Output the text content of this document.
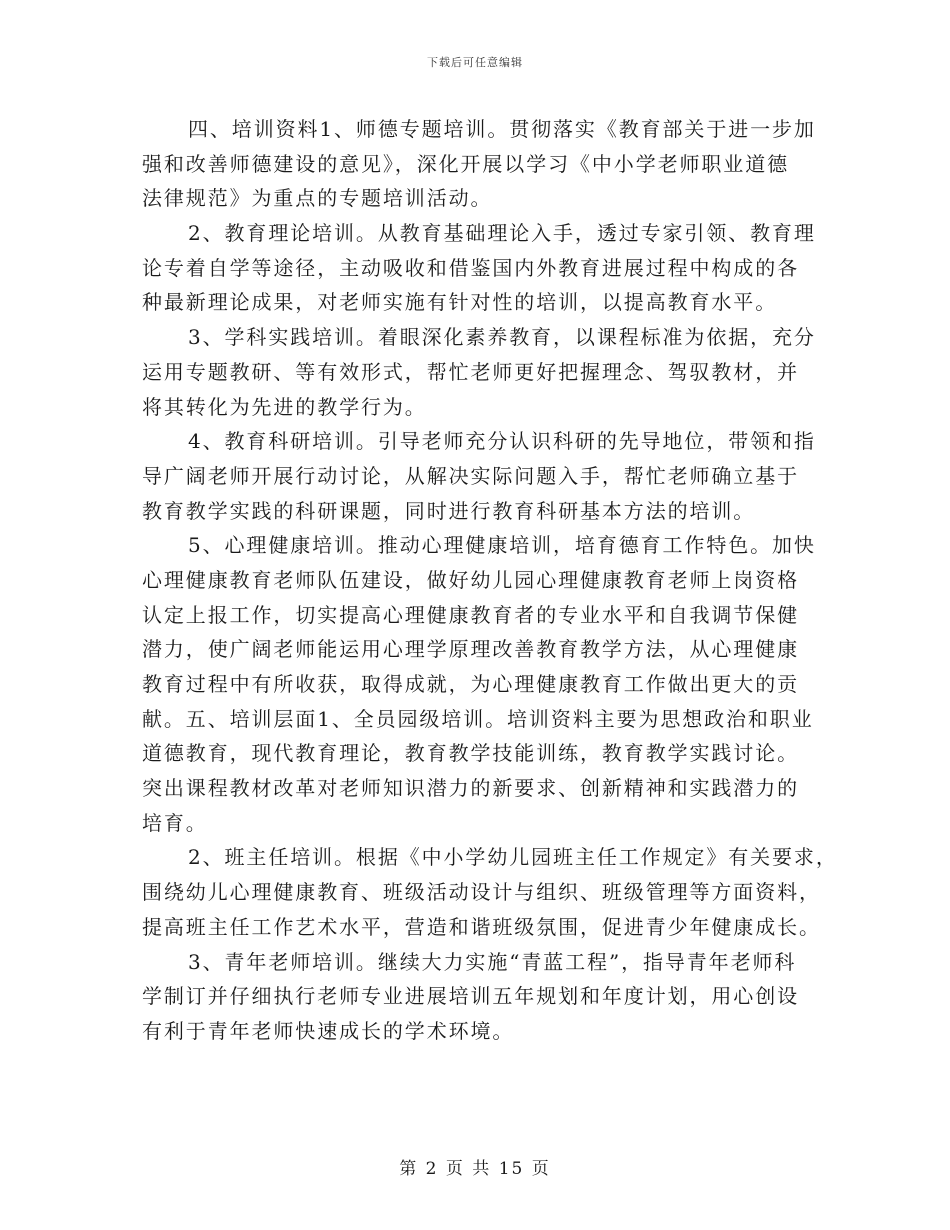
下载后可任意编辑
四、培训资料1、师德专题培训。贯彻落实《教育部关于进一步加
强和改善师德建设的意见》，深化开展以学习《中小学老师职业道德
法律规范》为重点的专题培训活动。
2、教育理论培训。从教育基础理论入手，透过专家引领、教育理
论专着自学等途径，主动吸收和借鉴国内外教育进展过程中构成的各
种最新理论成果，对老师实施有针对性的培训，以提高教育水平。
3、学科实践培训。着眼深化素养教育，以课程标准为依据，充分
运用专题教研、等有效形式，帮忙老师更好把握理念、驾驭教材，并
将其转化为先进的教学行为。
4、教育科研培训。引导老师充分认识科研的先导地位，带领和指
导广阔老师开展行动讨论，从解决实际问题入手，帮忙老师确立基于
教育教学实践的科研课题，同时进行教育科研基本方法的培训。
5、心理健康培训。推动心理健康培训，培育德育工作特色。加快
心理健康教育老师队伍建设，做好幼儿园心理健康教育老师上岗资格
认定上报工作，切实提高心理健康教育者的专业水平和自我调节保健
潜力，使广阔老师能运用心理学原理改善教育教学方法，从心理健康
教育过程中有所收获，取得成就，为心理健康教育工作做出更大的贡
献。五、培训层面1、全员园级培训。培训资料主要为思想政治和职业
道德教育，现代教育理论，教育教学技能训练，教育教学实践讨论。
突出课程教材改革对老师知识潜力的新要求、创新精神和实践潜力的
培育。
2、班主任培训。根据《中小学幼儿园班主任工作规定》有关要求，
围绕幼儿心理健康教育、班级活动设计与组织、班级管理等方面资料，
提高班主任工作艺术水平，营造和谐班级氛围，促进青少年健康成长。
3、青年老师培训。继续大力实施“青蓝工程”，指导青年老师科
学制订并仔细执行老师专业进展培训五年规划和年度计划，用心创设
有利于青年老师快速成长的学术环境。
第 2 页 共 15 页
